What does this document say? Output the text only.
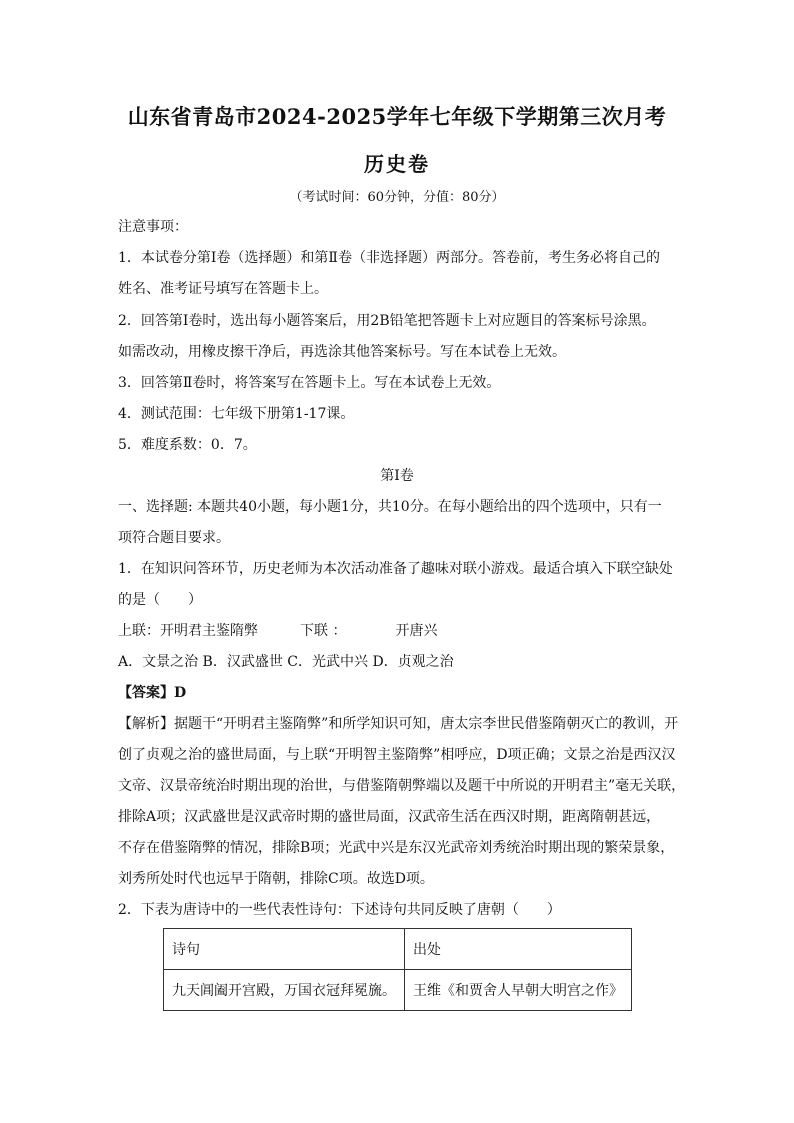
山东省青岛市2024-2025学年七年级下学期第三次月考
历史卷
（考试时间：60分钟，分值：80分）
注意事项：
1．本试卷分第Ⅰ卷（选择题）和第Ⅱ卷（非选择题）两部分。答卷前，考生务必将自己的
姓名、准考证号填写在答题卡上。
2．回答第Ⅰ卷时，选出每小题答案后，用2B铅笔把答题卡上对应题目的答案标号涂黑。
如需改动，用橡皮擦干净后，再选涂其他答案标号。写在本试卷上无效。
3．回答第Ⅱ卷时，将答案写在答题卡上。写在本试卷上无效。
4．测试范围：七年级下册第1-17课。
5．难度系数：0．7。
第Ⅰ卷
一、选择题: 本题共40小题，每小题1分，共10分。在每小题给出的四个选项中，只有一
项符合题目要求。
1．在知识问答环节，历史老师为本次活动准备了趣味对联小游戏。最适合填入下联空缺处
的是（　　）
上联：开明君主鉴隋弊　　　下联 ：　　　　开唐兴
A．文景之治 B．汉武盛世 C．光武中兴 D．贞观之治
【答案】D
【解析】据题干“开明君主鉴隋弊”和所学知识可知，唐太宗李世民借鉴隋朝灭亡的教训，开
创了贞观之治的盛世局面，与上联“开明智主鉴隋弊”相呼应，D项正确；文景之治是西汉汉
文帝、汉景帝统治时期出现的治世，与借鉴隋朝弊端以及题干中所说的开明君主”毫无关联，
排除A项；汉武盛世是汉武帝时期的盛世局面，汉武帝生活在西汉时期，距离隋朝甚远，
不存在借鉴隋弊的情况，排除B项；光武中兴是东汉光武帝刘秀统治时期出现的繁荣景象，
刘秀所处时代也远早于隋朝，排除C项。故选D项。
2．下表为唐诗中的一些代表性诗句：下述诗句共同反映了唐朝（　　）
诗句	出处
九天阊阖开宫殿，万国衣冠拜冕旒。	王维《和贾舍人早朝大明宫之作》
